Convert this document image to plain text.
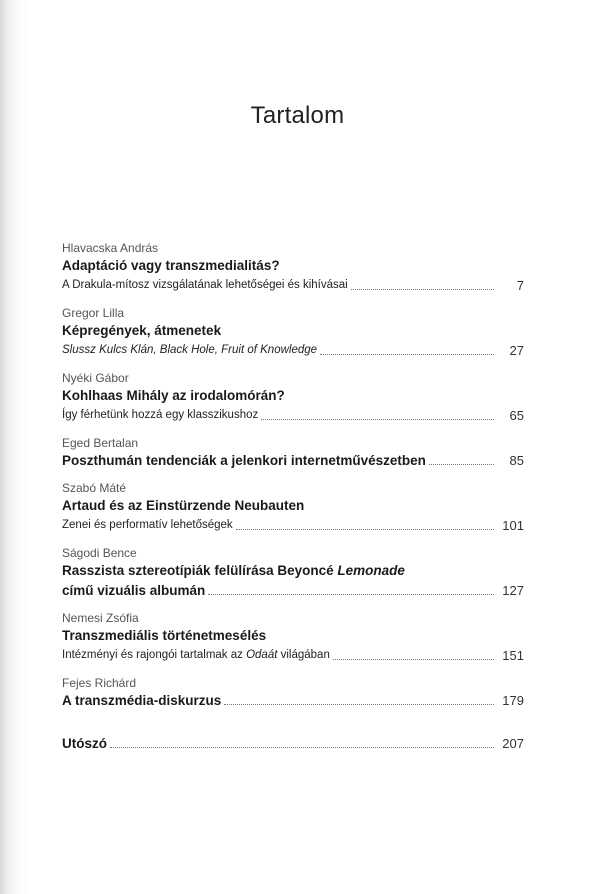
Tartalom
Hlavacska András
Adaptáció vagy transzmedialitás?
A Drakula-mítosz vizsgálatának lehetőségei és kihívásai	7
Gregor Lilla
Képregények, átmenetek
Slussz Kulcs Klán, Black Hole, Fruit of Knowledge	27
Nyéki Gábor
Kohlhaas Mihály az irodalomórán?
Így férhetünk hozzá egy klasszikushoz	65
Eged Bertalan
Poszthumán tendenciák a jelenkori internetművészetben	85
Szabó Máté
Artaud és az Einstürzende Neubauten
Zenei és performatív lehetőségek	101
Ságodi Bence
Rasszista sztereotípiák felülírása Beyoncé Lemonade
című vizuális albumán	127
Nemesi Zsófia
Transzmediális történetmesélés
Intézményi és rajongói tartalmak az Odaát világában	151
Fejes Richárd
A transzmédia-diskurzus	179
Utószó	207
